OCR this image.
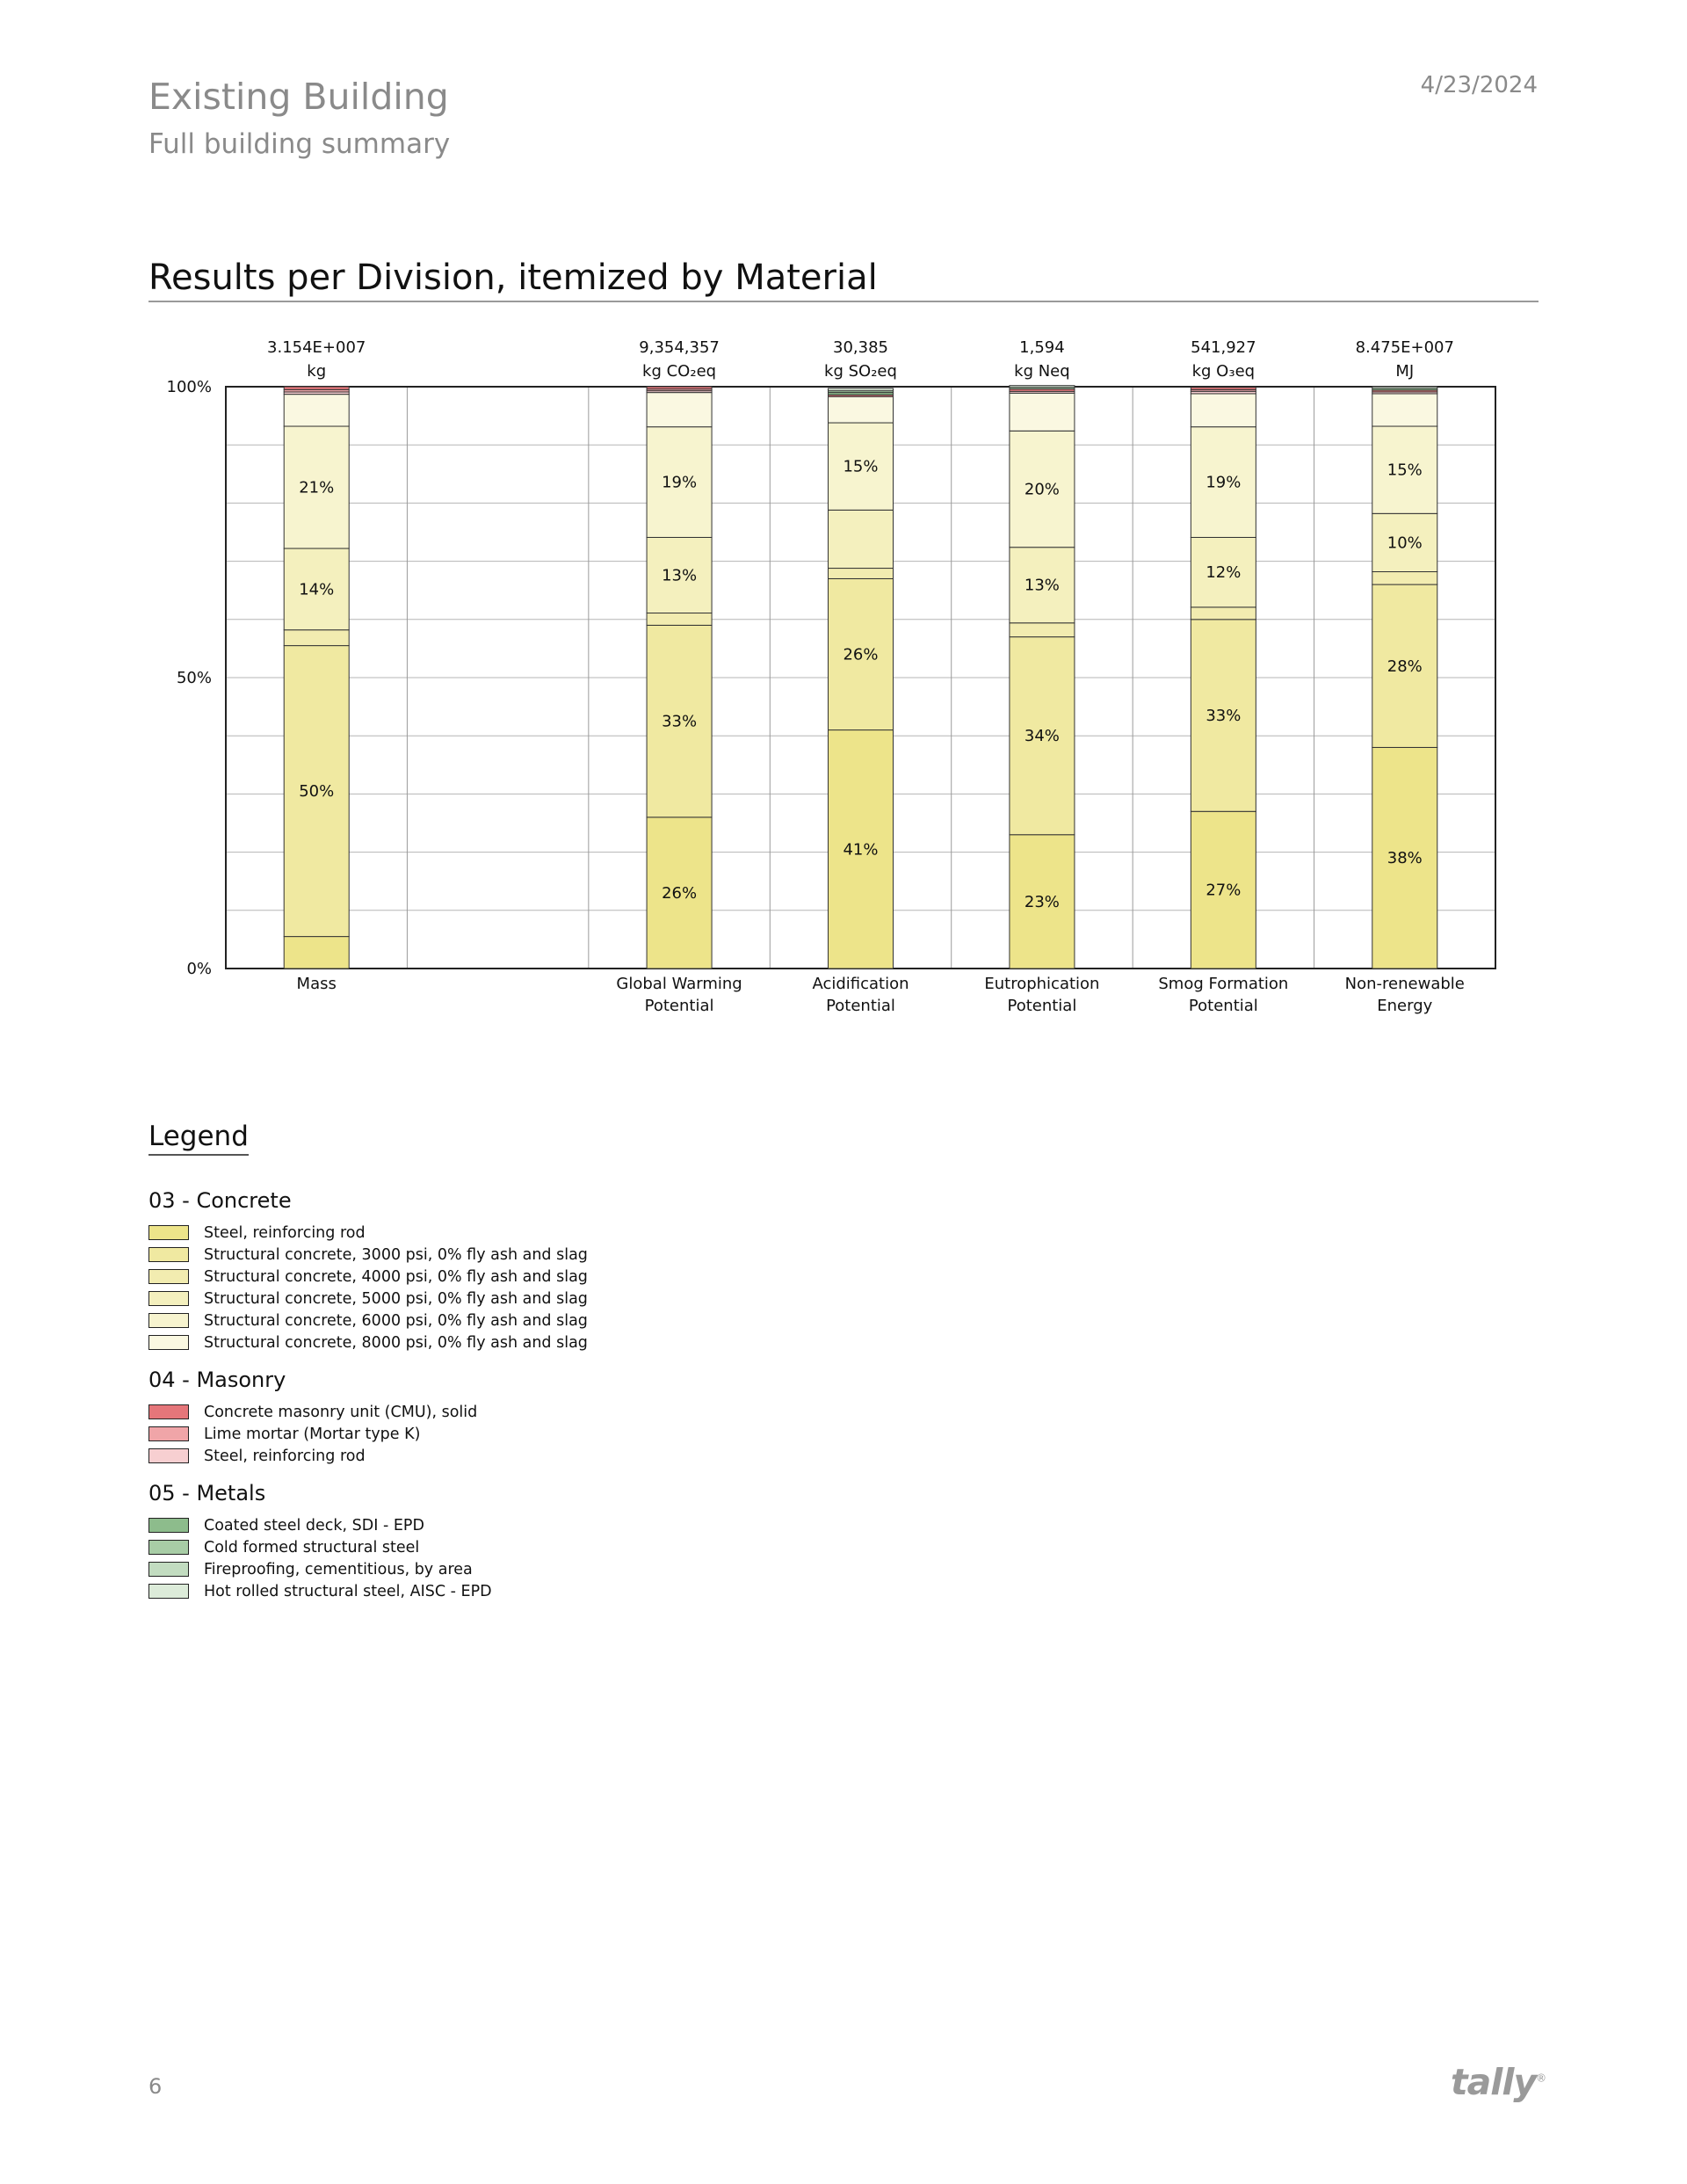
Existing Building
Full building summary
4/23/2024
Results per Division, itemized by Material
100%
50%
0%
3.154E+007
kg
Mass
50%
14%
21%
9,354,357
kg CO₂eq
Global Warming
Potential
26%
33%
13%
19%
30,385
kg SO₂eq
Acidification
Potential
41%
26%
15%
1,594
kg Neq
Eutrophication
Potential
23%
34%
13%
20%
541,927
kg O₃eq
Smog Formation
Potential
27%
33%
12%
19%
8.475E+007
MJ
Non-renewable
Energy
38%
28%
10%
15%
Legend
03 - Concrete
Steel, reinforcing rod
Structural concrete, 3000 psi, 0% fly ash and slag
Structural concrete, 4000 psi, 0% fly ash and slag
Structural concrete, 5000 psi, 0% fly ash and slag
Structural concrete, 6000 psi, 0% fly ash and slag
Structural concrete, 8000 psi, 0% fly ash and slag
04 - Masonry
Concrete masonry unit (CMU), solid
Lime mortar (Mortar type K)
Steel, reinforcing rod
05 - Metals
Coated steel deck, SDI - EPD
Cold formed structural steel
Fireproofing, cementitious, by area
Hot rolled structural steel, AISC - EPD
6	tally®
